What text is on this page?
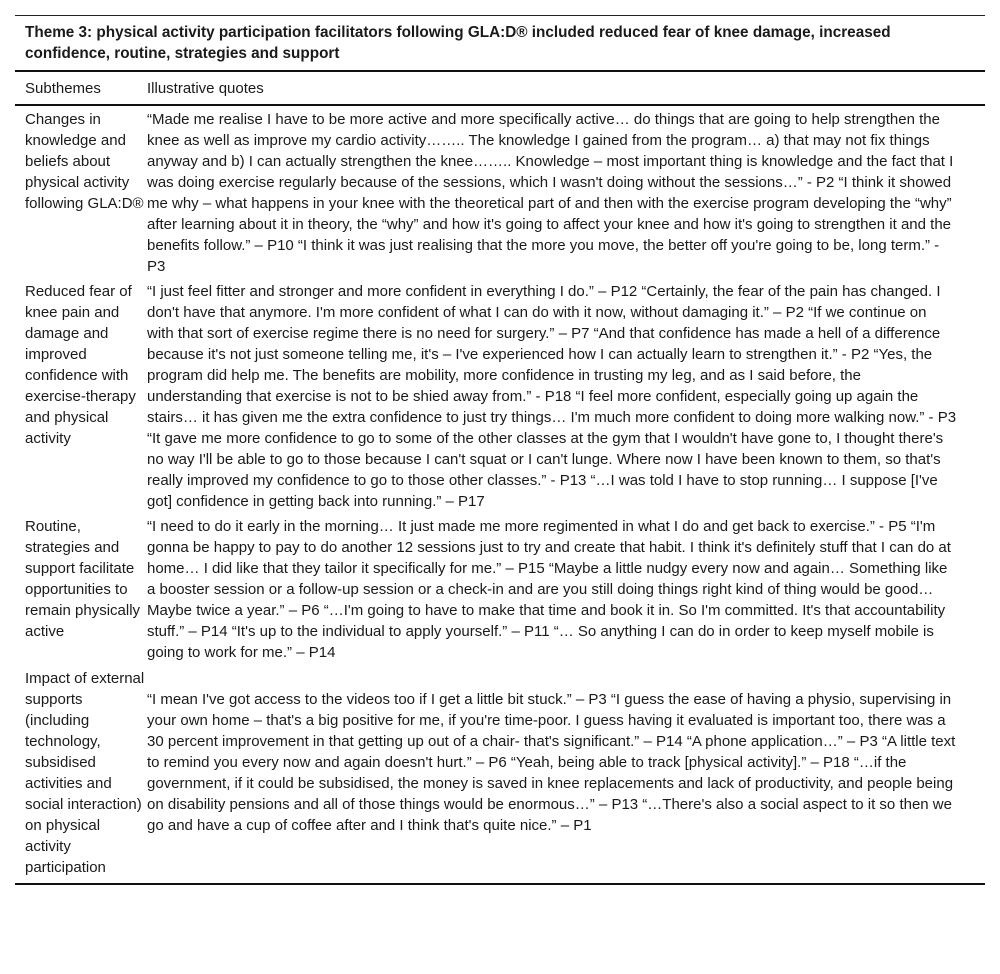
Theme 3: physical activity participation facilitators following GLA:D® included reduced fear of knee damage, increased confidence, routine, strategies and support
Subthemes	Illustrative quotes
Changes in knowledge and beliefs about physical activity following GLA:D®
“Made me realise I have to be more active and more specifically active… do things that are going to help strengthen the knee as well as improve my cardio activity…….. The knowledge I gained from the program… a) that may not fix things anyway and b) I can actually strengthen the knee…….. Knowledge – most important thing is knowledge and the fact that I was doing exercise regularly because of the sessions, which I wasn't doing without the sessions…” - P2 “I think it showed me why – what happens in your knee with the theoretical part of and then with the exercise program developing the “why” after learning about it in theory, the “why” and how it's going to affect your knee and how it's going to strengthen it and the benefits follow.” – P10 “I think it was just realising that the more you move, the better off you're going to be, long term.” - P3
Reduced fear of knee pain and damage and improved confidence with exercise-therapy and physical activity
“I just feel fitter and stronger and more confident in everything I do.” – P12 “Certainly, the fear of the pain has changed. I don't have that anymore. I'm more confident of what I can do with it now, without damaging it.” – P2 “If we continue on with that sort of exercise regime there is no need for surgery.” – P7 “And that confidence has made a hell of a difference because it's not just someone telling me, it's – I've experienced how I can actually learn to strengthen it.” - P2 “Yes, the program did help me. The benefits are mobility, more confidence in trusting my leg, and as I said before, the understanding that exercise is not to be shied away from.” - P18 “I feel more confident, especially going up again the stairs… it has given me the extra confidence to just try things… I'm much more confident to doing more walking now.” - P3 “It gave me more confidence to go to some of the other classes at the gym that I wouldn't have gone to, I thought there's no way I'll be able to go to those because I can't squat or I can't lunge. Where now I have been known to them, so that's really improved my confidence to go to those other classes.” - P13 “…I was told I have to stop running… I suppose [I've got] confidence in getting back into running.” – P17
Routine, strategies and support facilitate opportunities to remain physically active
“I need to do it early in the morning… It just made me more regimented in what I do and get back to exercise.” - P5 “I'm gonna be happy to pay to do another 12 sessions just to try and create that habit. I think it's definitely stuff that I can do at home… I did like that they tailor it specifically for me.” – P15 “Maybe a little nudgy every now and again… Something like a booster session or a follow-up session or a check-in and are you still doing things right kind of thing would be good… Maybe twice a year.” – P6 “…I'm going to have to make that time and book it in. So I'm committed. It's that accountability stuff.” – P14 “It's up to the individual to apply yourself.” – P11 “… So anything I can do in order to keep myself mobile is going to work for me.” – P14
Impact of external supports (including technology, subsidised activities and social interaction) on physical activity participation
“I mean I've got access to the videos too if I get a little bit stuck.” – P3 “I guess the ease of having a physio, supervising in your own home – that's a big positive for me, if you're time-poor. I guess having it evaluated is important too, there was a 30 percent improvement in that getting up out of a chair- that's significant.” – P14 “A phone application…” – P3 “A little text to remind you every now and again doesn't hurt.” – P6 “Yeah, being able to track [physical activity].” – P18 “…if the government, if it could be subsidised, the money is saved in knee replacements and lack of productivity, and people being on disability pensions and all of those things would be enormous…” – P13 “…There's also a social aspect to it so then we go and have a cup of coffee after and I think that's quite nice.” – P1
